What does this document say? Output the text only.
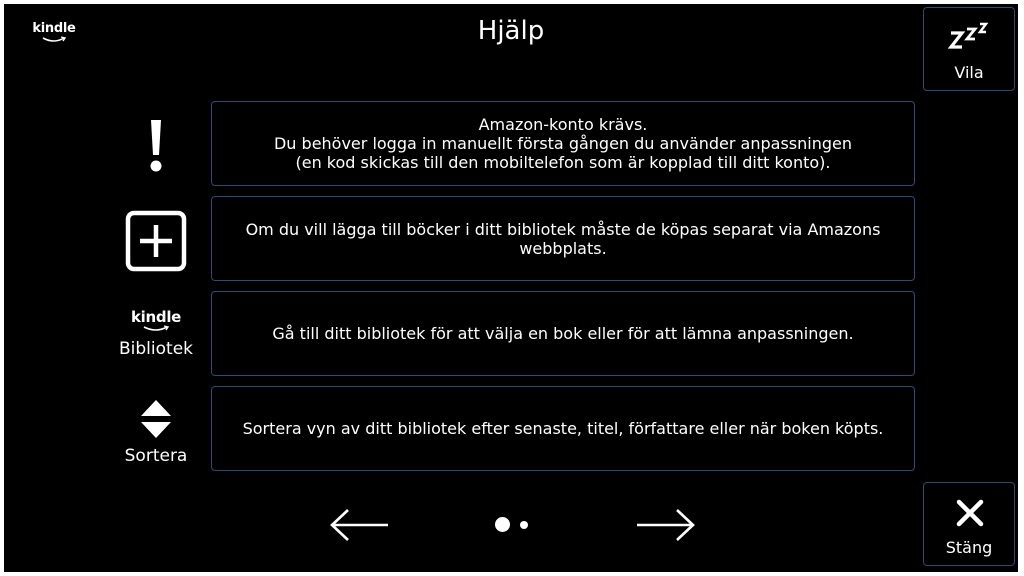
kindle	Hjälp
Vila
Amazon-konto krävs.
Du behöver logga in manuellt första gången du använder anpassningen
(en kod skickas till den mobiltelefon som är kopplad till ditt konto).
Om du vill lägga till böcker i ditt bibliotek måste de köpas separat via Amazons
webbplats.
kindle
Bibliotek
Gå till ditt bibliotek för att välja en bok eller för att lämna anpassningen.
Sortera
Sortera vyn av ditt bibliotek efter senaste, titel, författare eller när boken köpts.
Stäng
